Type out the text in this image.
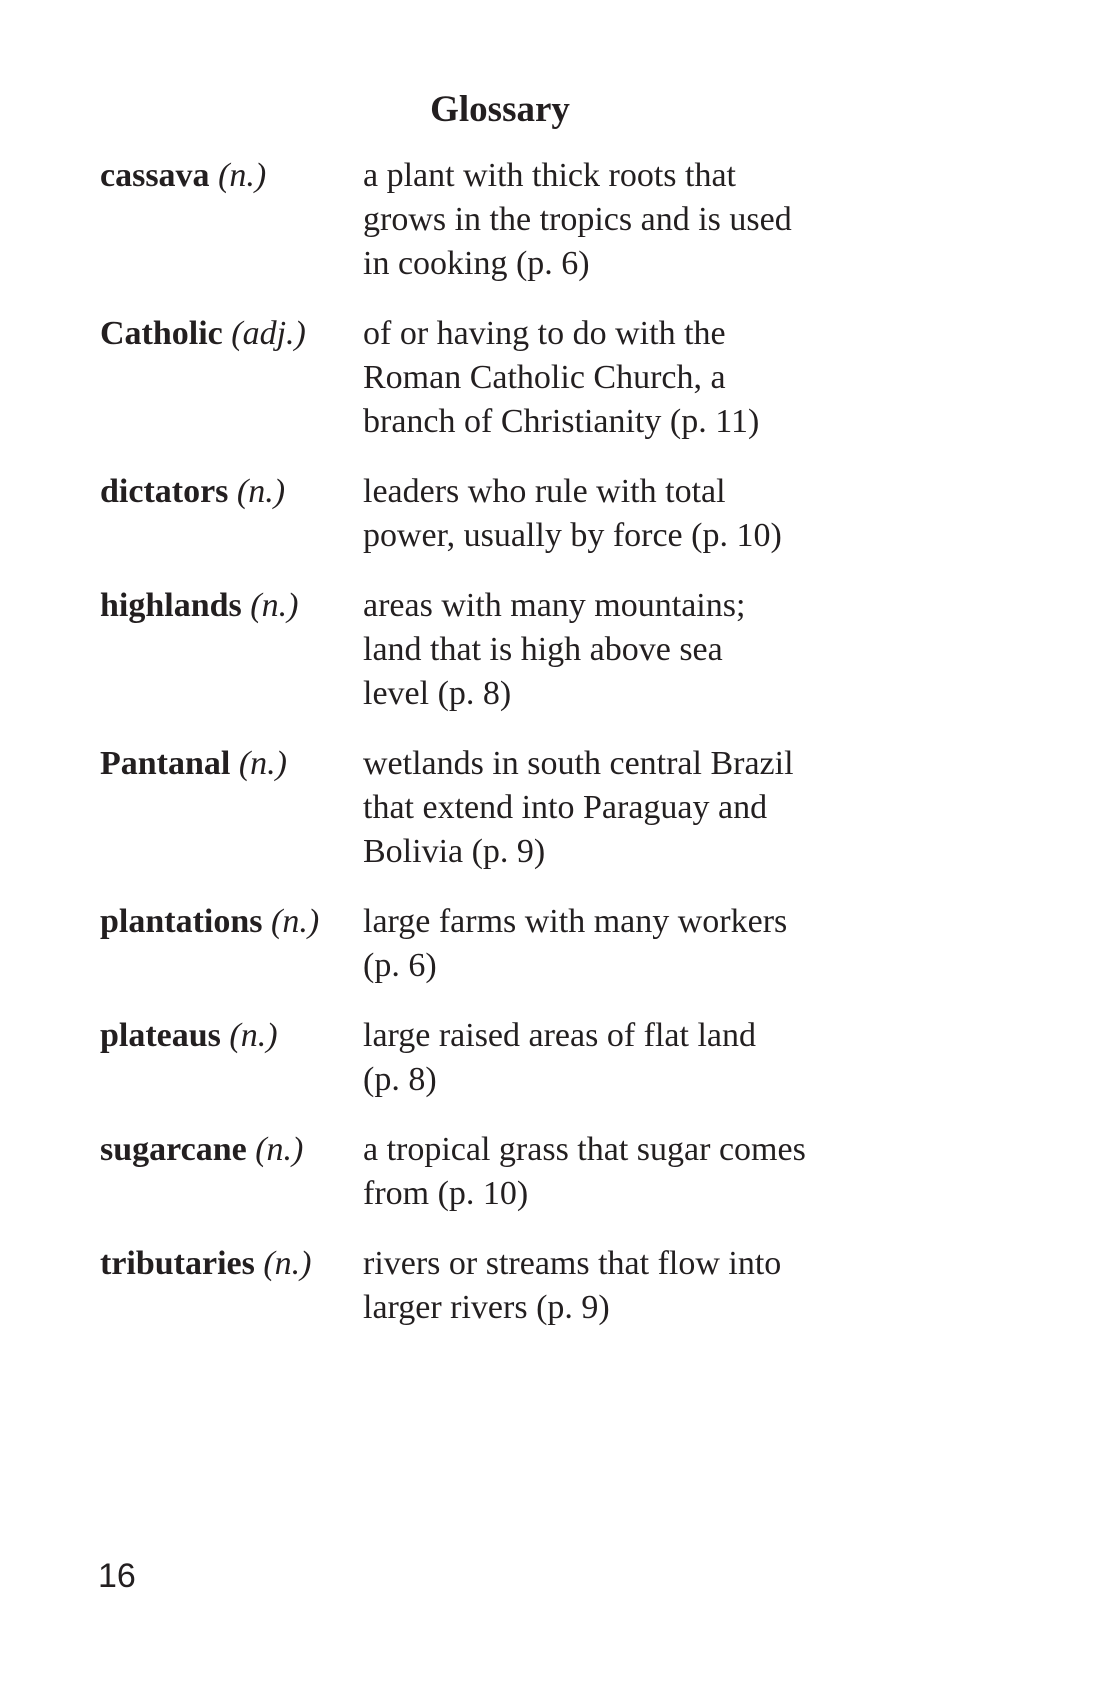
Glossary
cassava (n.)	a plant with thick roots that
grows in the tropics and is used
in cooking (p. 6)
Catholic (adj.)	of or having to do with the
Roman Catholic Church, a
branch of Christianity (p. 11)
dictators (n.)	leaders who rule with total
power, usually by force (p. 10)
highlands (n.)	areas with many mountains;
land that is high above sea
level (p. 8)
Pantanal (n.)	wetlands in south central Brazil
that extend into Paraguay and
Bolivia (p. 9)
plantations (n.)	large farms with many workers
(p. 6)
plateaus (n.)	large raised areas of flat land
(p. 8)
sugarcane (n.)	a tropical grass that sugar comes
from (p. 10)
tributaries (n.)	rivers or streams that flow into
larger rivers (p. 9)
16
